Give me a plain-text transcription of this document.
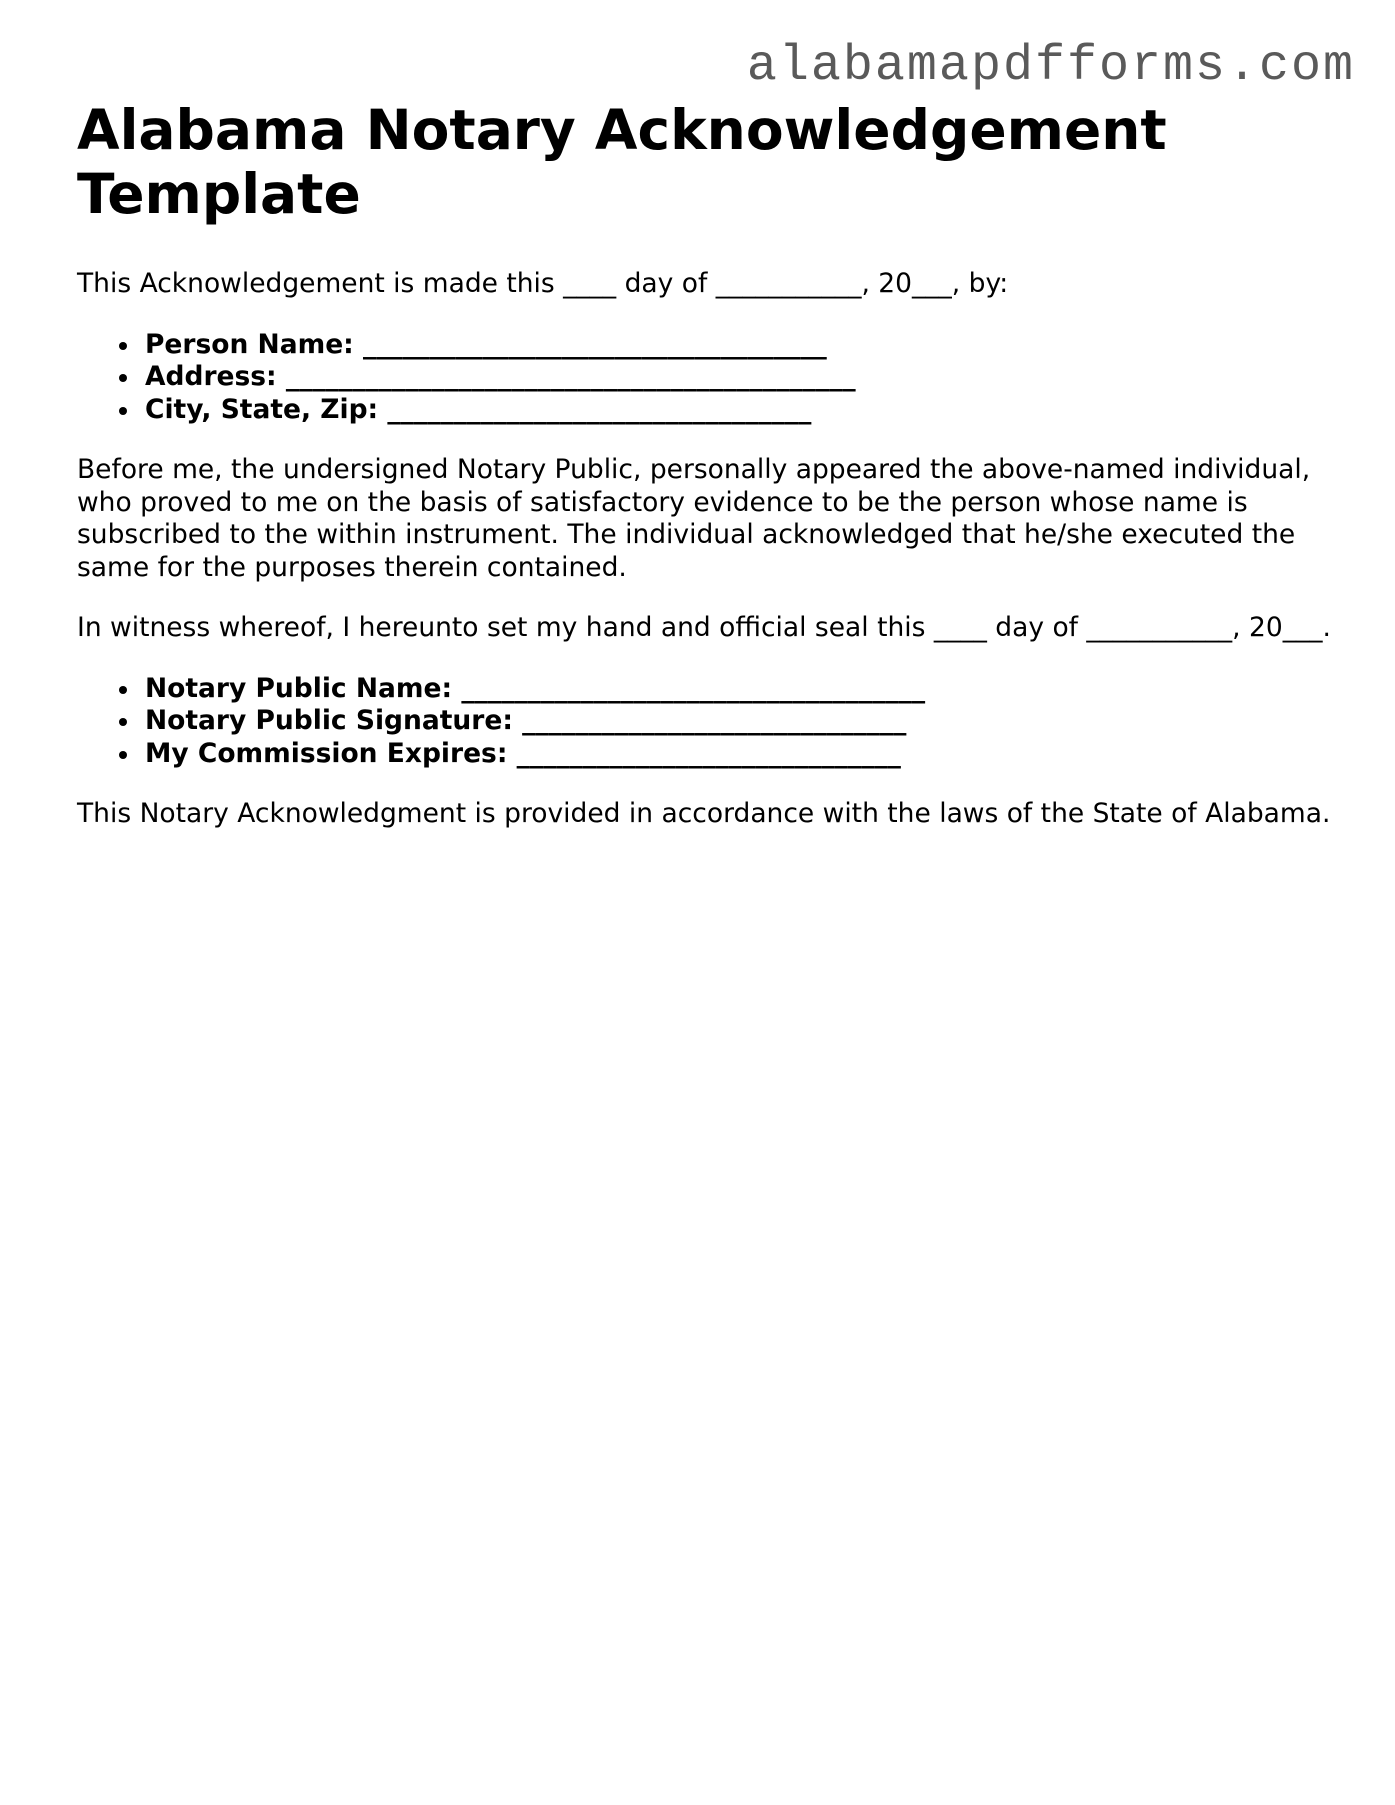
alabamapdfforms.com
Alabama Notary Acknowledgement Template

This Acknowledgement is made this ____ day of ___________, 20___, by:

Person Name: ___________________________________
Address: ___________________________________________
City, State, Zip: ________________________________

Before me, the undersigned Notary Public, personally appeared the above-named individual, who proved to me on the basis of satisfactory evidence to be the person whose name is subscribed to the within instrument. The individual acknowledged that he/she executed the same for the purposes therein contained.

In witness whereof, I hereunto set my hand and official seal this ____ day of ___________, 20___.

Notary Public Name: ___________________________________
Notary Public Signature: _____________________________
My Commission Expires: _____________________________

This Notary Acknowledgment is provided in accordance with the laws of the State of Alabama.
